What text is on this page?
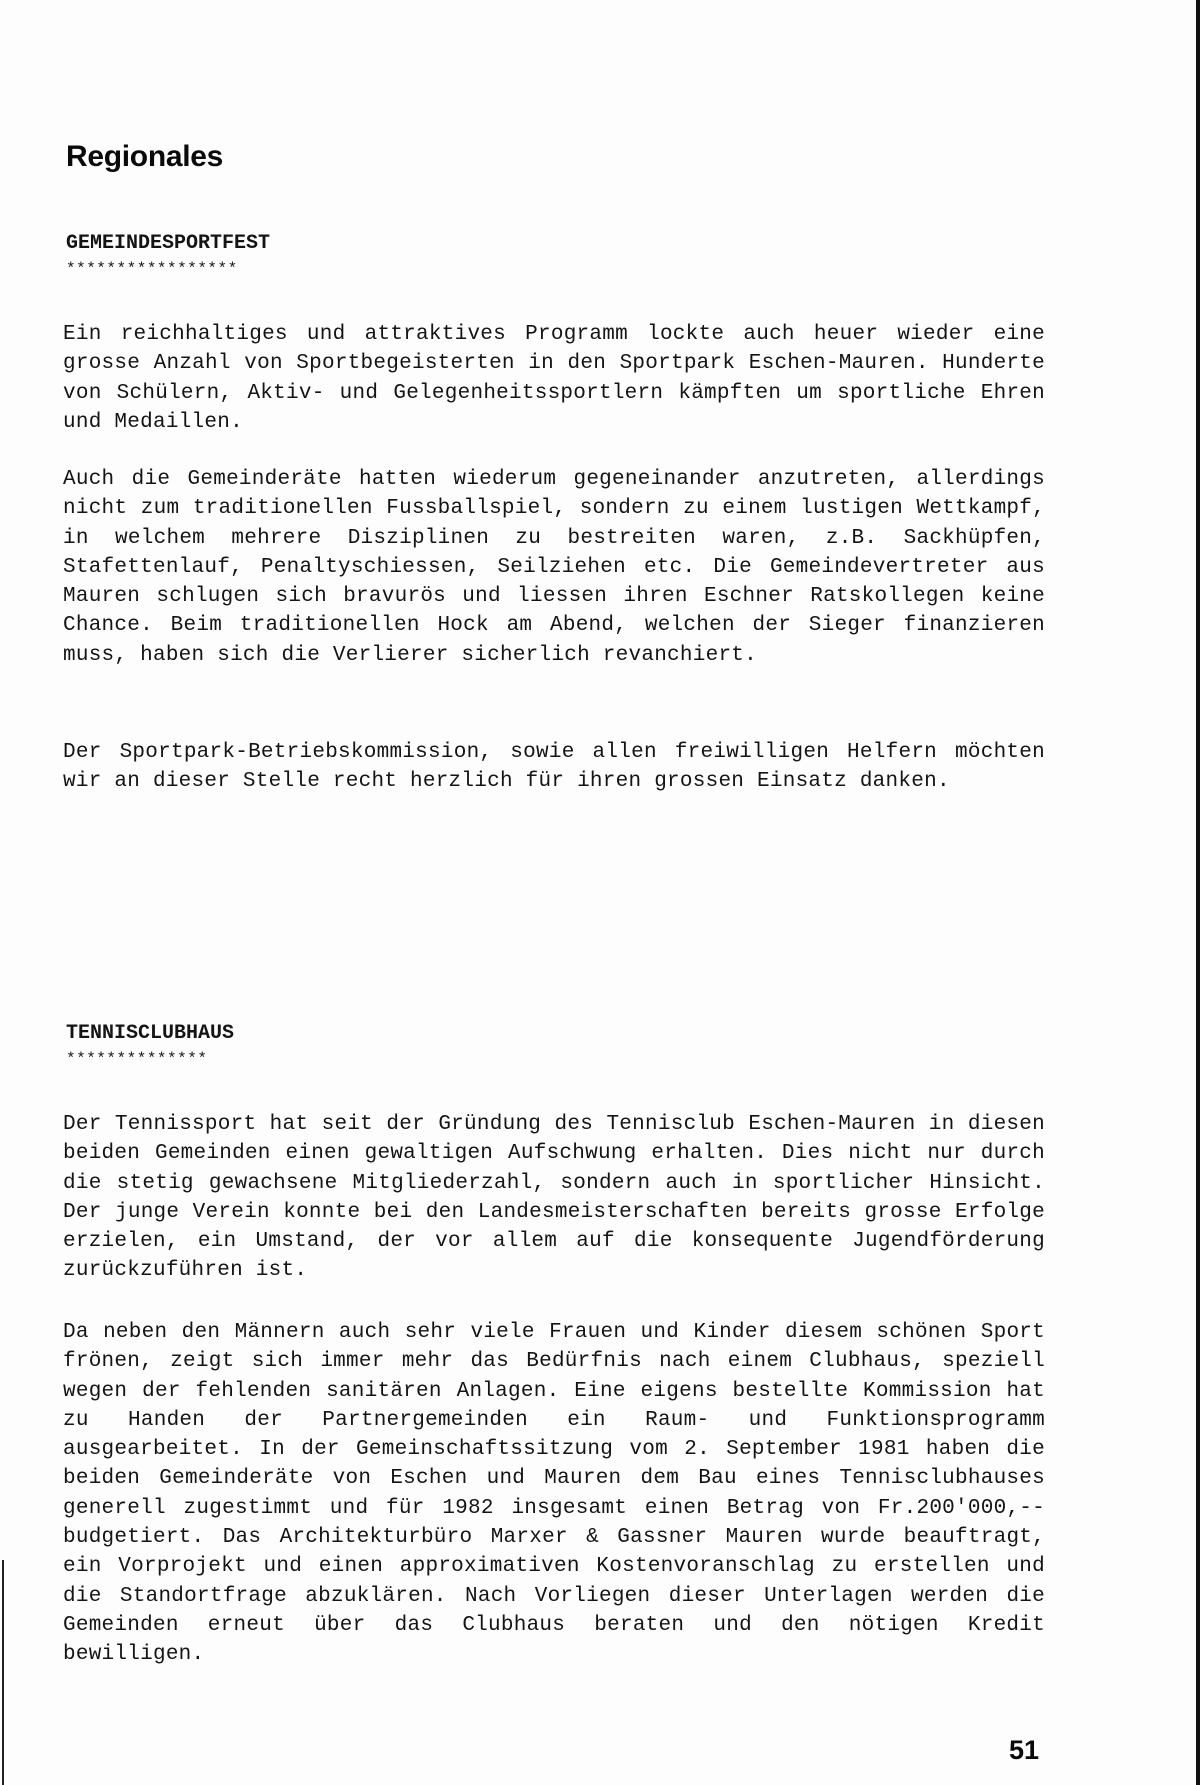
Regionales
GEMEINDESPORTFEST
*****************

Ein reichhaltiges und attraktives Programm lockte auch heuer wieder eine grosse Anzahl von Sportbegeisterten in den Sportpark Eschen-Mauren. Hunderte von Schülern, Aktiv- und Gelegenheitssportlern kämpften um sportliche Ehren und Medaillen.

Auch die Gemeinderäte hatten wiederum gegeneinander anzutreten, allerdings nicht zum traditionellen Fussballspiel, sondern zu einem lustigen Wettkampf, in welchem mehrere Disziplinen zu bestreiten waren, z.B. Sackhüpfen, Stafettenlauf, Penaltyschiessen, Seilziehen etc. Die Gemeindevertreter aus Mauren schlugen sich bravurös und liessen ihren Eschner Ratskollegen keine Chance. Beim traditionellen Hock am Abend, welchen der Sieger finanzieren muss, haben sich die Verlierer sicherlich revanchiert.

Der Sportpark-Betriebskommission, sowie allen freiwilligen Helfern möchten wir an dieser Stelle recht herzlich für ihren grossen Einsatz danken.

TENNISCLUBHAUS
**************

Der Tennissport hat seit der Gründung des Tennisclub Eschen-Mauren in diesen beiden Gemeinden einen gewaltigen Aufschwung erhalten. Dies nicht nur durch die stetig gewachsene Mitgliederzahl, sondern auch in sportlicher Hinsicht. Der junge Verein konnte bei den Landesmeisterschaften bereits grosse Erfolge erzielen, ein Umstand, der vor allem auf die konsequente Jugendförderung zurückzuführen ist.

Da neben den Männern auch sehr viele Frauen und Kinder diesem schönen Sport frönen, zeigt sich immer mehr das Bedürfnis nach einem Clubhaus, speziell wegen der fehlenden sanitären Anlagen. Eine eigens bestellte Kommission hat zu Handen der Partnergemeinden ein Raum- und Funktionsprogramm ausgearbeitet. In der Gemeinschaftssitzung vom 2. September 1981 haben die beiden Gemeinderäte von Eschen und Mauren dem Bau eines Tennisclubhauses generell zugestimmt und für 1982 insgesamt einen Betrag von Fr.200'000,-- budgetiert. Das Architekturbüro Marxer & Gassner Mauren wurde beauftragt, ein Vorprojekt und einen approximativen Kostenvoranschlag zu erstellen und die Standortfrage abzuklären. Nach Vorliegen dieser Unterlagen werden die Gemeinden erneut über das Clubhaus beraten und den nötigen Kredit bewilligen.

51
